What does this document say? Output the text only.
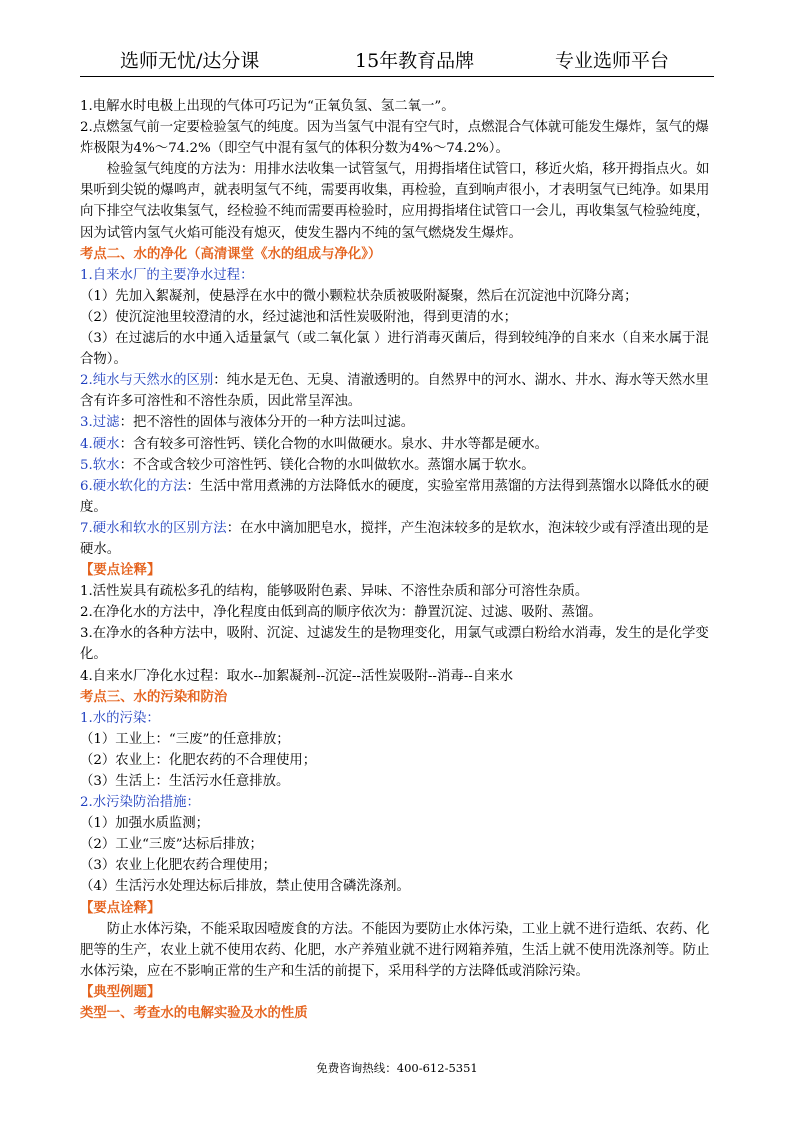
选师无忧/达分课	15年教育品牌	专业选师平台

1.电解水时电极上出现的气体可巧记为“正氧负氢、氢二氧一”。

2.点燃氢气前一定要检验氢气的纯度。因为当氢气中混有空气时，点燃混合气体就可能发生爆炸，氢气的爆炸极限为4%～74.2%（即空气中混有氢气的体积分数为4%～74.2%）。

检验氢气纯度的方法为：用排水法收集一试管氢气，用拇指堵住试管口，移近火焰，移开拇指点火。如果听到尖锐的爆鸣声，就表明氢气不纯，需要再收集，再检验，直到响声很小，才表明氢气已纯净。如果用向下排空气法收集氢气，经检验不纯而需要再检验时，应用拇指堵住试管口一会儿，再收集氢气检验纯度，因为试管内氢气火焰可能没有熄灭，使发生器内不纯的氢气燃烧发生爆炸。

考点二、水的净化（高清课堂《水的组成与净化》）

1.自来水厂的主要净水过程：

（1）先加入絮凝剂，使悬浮在水中的微小颗粒状杂质被吸附凝聚，然后在沉淀池中沉降分离；

（2）使沉淀池里较澄清的水，经过滤池和活性炭吸附池，得到更清的水；

（3）在过滤后的水中通入适量氯气（或二氧化氯 ）进行消毒灭菌后，得到较纯净的自来水（自来水属于混合物）。

2.纯水与天然水的区别：纯水是无色、无臭、清澈透明的。自然界中的河水、湖水、井水、海水等天然水里含有许多可溶性和不溶性杂质，因此常呈浑浊。

3.过滤：把不溶性的固体与液体分开的一种方法叫过滤。

4.硬水：含有较多可溶性钙、镁化合物的水叫做硬水。泉水、井水等都是硬水。

5.软水：不含或含较少可溶性钙、镁化合物的水叫做软水。蒸馏水属于软水。

6.硬水软化的方法：生活中常用煮沸的方法降低水的硬度，实验室常用蒸馏的方法得到蒸馏水以降低水的硬度。

7.硬水和软水的区别方法：在水中滴加肥皂水，搅拌，产生泡沫较多的是软水，泡沫较少或有浮渣出现的是硬水。

【要点诠释】

1.活性炭具有疏松多孔的结构，能够吸附色素、异味、不溶性杂质和部分可溶性杂质。

2.在净化水的方法中，净化程度由低到高的顺序依次为：静置沉淀、过滤、吸附、蒸馏。

3.在净水的各种方法中，吸附、沉淀、过滤发生的是物理变化，用氯气或漂白粉给水消毒，发生的是化学变化。

4.自来水厂净化水过程：取水--加絮凝剂--沉淀--活性炭吸附--消毒--自来水

考点三、水的污染和防治

1.水的污染：

（1）工业上：“三废”的任意排放；

（2）农业上：化肥农药的不合理使用；

（3）生活上：生活污水任意排放。

2.水污染防治措施：

（1）加强水质监测；

（2）工业“三废”达标后排放；

（3）农业上化肥农药合理使用；

（4）生活污水处理达标后排放，禁止使用含磷洗涤剂。

【要点诠释】

防止水体污染，不能采取因噎废食的方法。不能因为要防止水体污染，工业上就不进行造纸、农药、化肥等的生产，农业上就不使用农药、化肥，水产养殖业就不进行网箱养殖，生活上就不使用洗涤剂等。防止水体污染，应在不影响正常的生产和生活的前提下，采用科学的方法降低或消除污染。

【典型例题】

类型一、考查水的电解实验及水的性质

免费咨询热线：400-612-5351
